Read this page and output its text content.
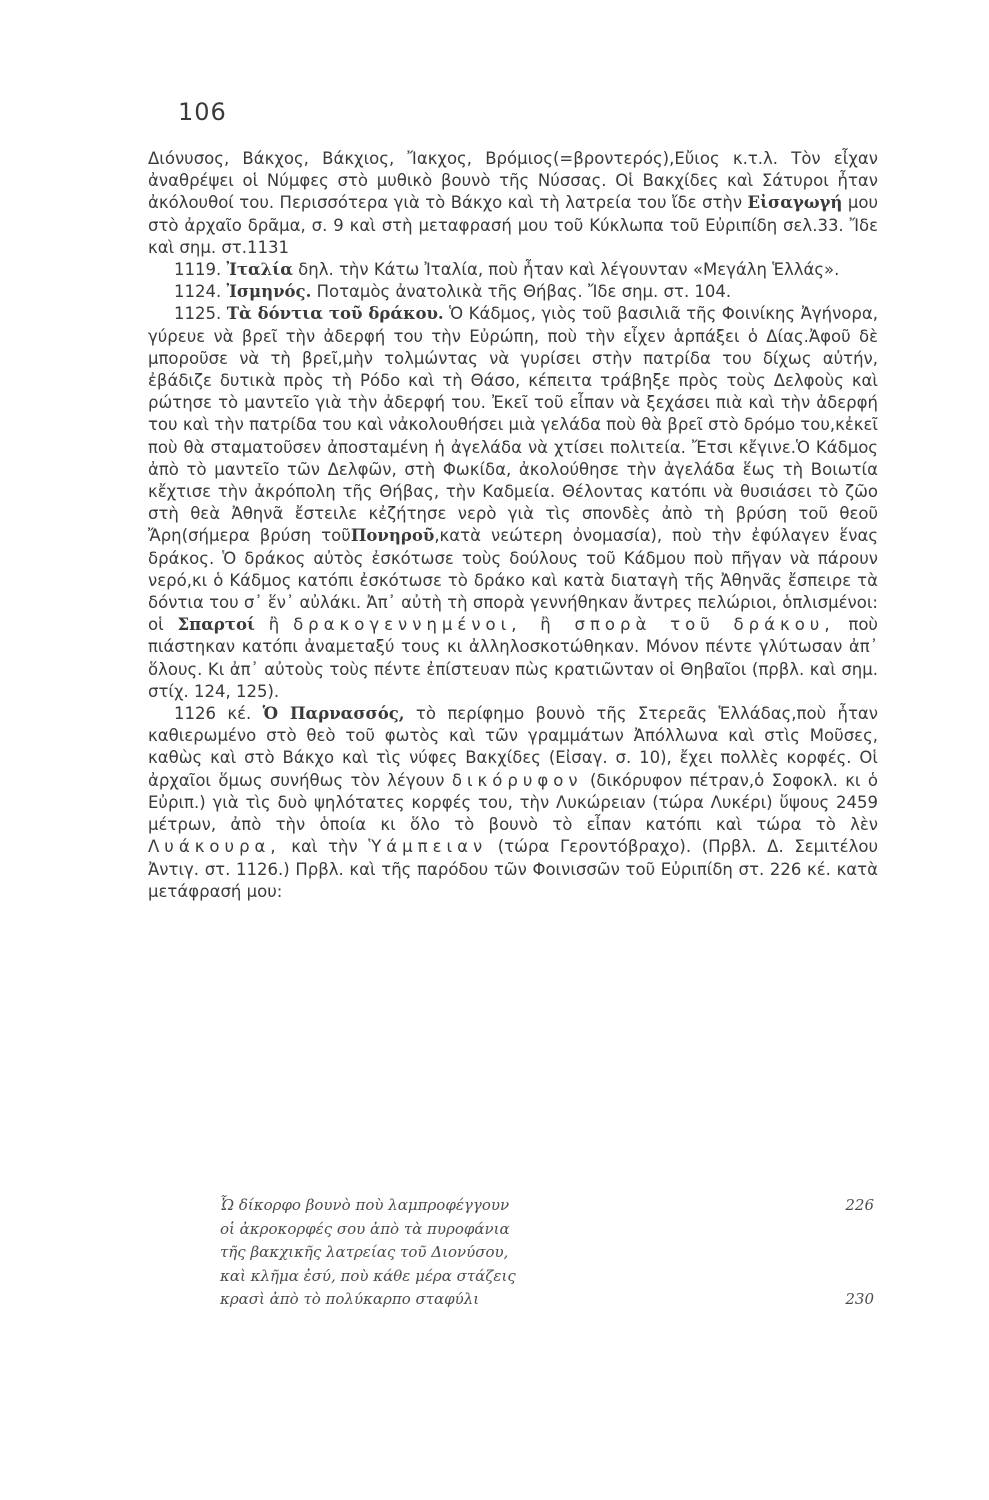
106

Διόνυσος, Βάκχος, Βάκχιος, Ἴακχος, Βρόμιος(=βροντερός),Εὔιος κ.τ.λ. Τὸν εἶχαν ἀναθρέψει οἱ Νύμφες στὸ μυθικὸ βουνὸ τῆς Νύσσας. Οἱ Βακχίδες καὶ Σάτυροι ἦταν ἀκόλουθοί του. Περισσότερα γιὰ τὸ Βάκχο καὶ τὴ λατρεία του ἴδε στὴν Εἰσαγωγή μου στὸ ἀρχαῖο δρᾶμα, σ. 9 καὶ στὴ μεταφρασή μου τοῦ Κύκλωπα τοῦ Εὐριπίδη σελ.33. Ἴδε καὶ σημ. στ.1131

1119. Ἰταλία δηλ. τὴν Κάτω Ἰταλία, ποὺ ἦταν καὶ λέγουνταν «Μεγάλη Ἑλλάς».

1124. Ἰσμηνός. Ποταμὸς ἀνατολικὰ τῆς Θήβας. Ἴδε σημ. στ. 104.

1125. Τὰ δόντια τοῦ δράκου. Ὁ Κάδμος, γιὸς τοῦ βασιλιᾶ τῆς Φοινίκης Ἀγήνορα, γύρευε νὰ βρεῖ τὴν ἀδερφή του τὴν Εὐρώπη, ποὺ τὴν εἶχεν ἁρπάξει ὁ Δίας.Ἀφοῦ δὲ μποροῦσε νὰ τὴ βρεῖ,μὴν τολμώντας νὰ γυρίσει στὴν πατρίδα του δίχως αὐτήν, ἐβάδιζε δυτικὰ πρὸς τὴ Ρόδο καὶ τὴ Θάσο, κέπειτα τράβηξε πρὸς τοὺς Δελφοὺς καὶ ρώτησε τὸ μαντεῖο γιὰ τὴν ἀδερφή του. Ἐκεῖ τοῦ εἶπαν νὰ ξεχάσει πιὰ καὶ τὴν ἀδερφή του καὶ τὴν πατρίδα του καὶ νἀκολουθήσει μιὰ γελάδα ποὺ θὰ βρεῖ στὸ δρόμο του,κἐκεῖ ποὺ θὰ σταματοῦσεν ἀποσταμένη ἡ ἀγελάδα νὰ χτίσει πολιτεία. Ἔτσι κἔγινε.Ὁ Κάδμος ἀπὸ τὸ μαντεῖο τῶν Δελφῶν, στὴ Φωκίδα, ἀκολούθησε τὴν ἀγελάδα ἕως τὴ Βοιωτία κἔχτισε τὴν ἀκρόπολη τῆς Θήβας, τὴν Καδμεία. Θέλοντας κατόπι νὰ θυσιάσει τὸ ζῶο στὴ θεὰ Ἀθηνᾶ ἔστειλε κἐζήτησε νερὸ γιὰ τὶς σπονδὲς ἀπὸ τὴ βρύση τοῦ θεοῦ Ἄρη(σήμερα βρύση τοῦΠονηροῦ,κατὰ νεώτερη ὀνομασία), ποὺ τὴν ἐφύλαγεν ἕνας δράκος. Ὁ δράκος αὐτὸς ἐσκότωσε τοὺς δούλους τοῦ Κάδμου ποὺ πῆγαν νὰ πάρουν νερό,κι ὁ Κάδμος κατόπι ἐσκότωσε τὸ δράκο καὶ κατὰ διαταγὴ τῆς Ἀθηνᾶς ἔσπειρε τὰ δόντια του σ᾽ ἕν᾽ αὐλάκι. Ἀπ᾽ αὐτὴ τὴ σπορὰ γεννήθηκαν ἄντρες πελώριοι, ὁπλισμένοι: οἱ Σπαρτοί ἢ δρακογεννημένοι, ἢ σπορὰ τοῦ δράκου, ποὺ πιάστηκαν κατόπι ἀναμεταξύ τους κι ἀλληλοσκοτώθηκαν. Μόνον πέντε γλύτωσαν ἀπ᾽ ὅλους. Κι ἀπ᾽ αὐτοὺς τοὺς πέντε ἐπίστευαν πὼς κρατιῶνταν οἱ Θηβαῖοι (πρβλ. καὶ σημ. στίχ. 124, 125).

1126 κέ. Ὁ Παρνασσός, τὸ περίφημο βουνὸ τῆς Στερεᾶς Ἑλλάδας,ποὺ ἦταν καθιερωμένο στὸ θεὸ τοῦ φωτὸς καὶ τῶν γραμμάτων Ἀπόλλωνα καὶ στὶς Μοῦσες, καθὼς καὶ στὸ Βάκχο καὶ τὶς νύφες Βακχίδες (Εἰσαγ. σ. 10), ἔχει πολλὲς κορφές. Οἱ ἀρχαῖοι ὅμως συνήθως τὸν λέγουν δικόρυφον (δικόρυφον πέτραν,ὁ Σοφοκλ. κι ὁ Εὐριπ.) γιὰ τὶς δυὸ ψηλότατες κορφές του, τὴν Λυκώρειαν (τώρα Λυκέρι) ὕψους 2459 μέτρων, ἀπὸ τὴν ὁποία κι ὅλο τὸ βουνὸ τὸ εἶπαν κατόπι καὶ τώρα τὸ λὲν Λυάκουρα, καὶ τὴν Ὑάμπειαν (τώρα Γεροντόβραχο). (Πρβλ. Δ. Σεμιτέλου Ἀντιγ. στ. 1126.) Πρβλ. καὶ τῆς παρόδου τῶν Φοινισσῶν τοῦ Εὐριπίδη στ. 226 κέ. κατὰ μετάφρασή μου:

Ὦ δίκορφο βουνὸ ποὺ λαμπροφέγγουν	226
οἱ ἀκροκορφές σου ἀπὸ τὰ πυροφάνια
τῆς βακχικῆς λατρείας τοῦ Διονύσου,
καὶ κλῆμα ἐσύ, ποὺ κάθε μέρα στάζεις
κρασὶ ἀπὸ τὸ πολύκαρπο σταφύλι	230
